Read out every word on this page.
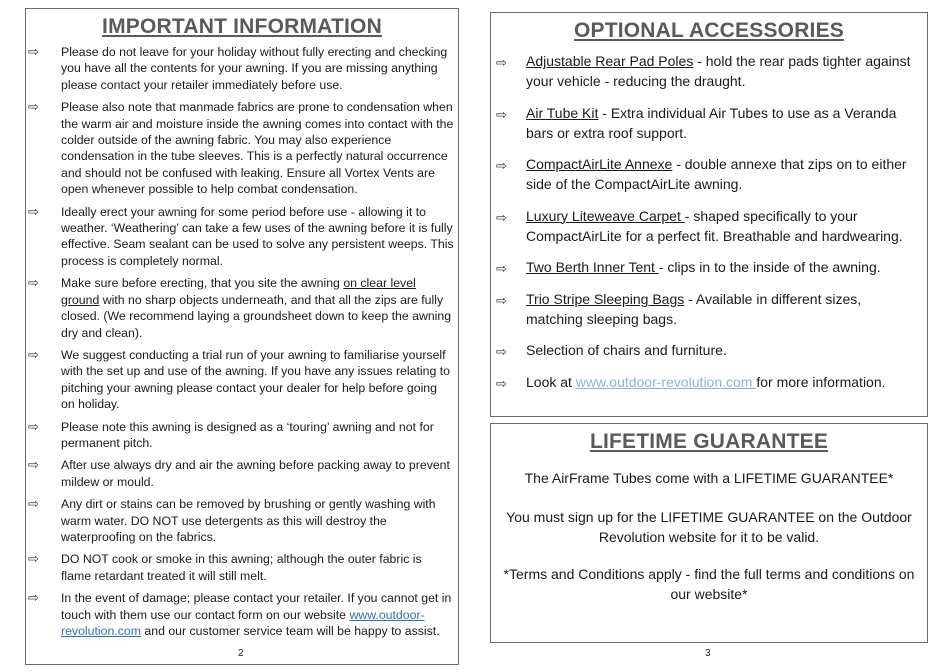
IMPORTANT INFORMATION
⇨ Please do not leave for your holiday without fully erecting and checking you have all the contents for your awning. If you are missing anything please contact your retailer immediately before use.
⇨ Please also note that manmade fabrics are prone to condensation when the warm air and moisture inside the awning comes into contact with the colder outside of the awning fabric. You may also experience condensation in the tube sleeves. This is a perfectly natural occurrence and should not be confused with leaking. Ensure all Vortex Vents are open whenever possible to help combat condensation.
⇨ Ideally erect your awning for some period before use - allowing it to weather. ‘Weathering’ can take a few uses of the awning before it is fully effective. Seam sealant can be used to solve any persistent weeps. This process is completely normal.
⇨ Make sure before erecting, that you site the awning on clear level ground with no sharp objects underneath, and that all the zips are fully closed. (We recommend laying a groundsheet down to keep the awning dry and clean).
⇨ We suggest conducting a trial run of your awning to familiarise yourself with the set up and use of the awning. If you have any issues relating to pitching your awning please contact your dealer for help before going on holiday.
⇨ Please note this awning is designed as a ‘touring’ awning and not for permanent pitch.
⇨ After use always dry and air the awning before packing away to prevent mildew or mould.
⇨ Any dirt or stains can be removed by brushing or gently washing with warm water. DO NOT use detergents as this will destroy the waterproofing on the fabrics.
⇨ DO NOT cook or smoke in this awning; although the outer fabric is flame retardant treated it will still melt.
⇨ In the event of damage; please contact your retailer. If you cannot get in touch with them use our contact form on our website www.outdoor-revolution.com and our customer service team will be happy to assist.
2
OPTIONAL ACCESSORIES
⇨ Adjustable Rear Pad Poles - hold the rear pads tighter against your vehicle - reducing the draught.
⇨ Air Tube Kit - Extra individual Air Tubes to use as a Veranda bars or extra roof support.
⇨ CompactAirLite Annexe - double annexe that zips on to either side of the CompactAirLite awning.
⇨ Luxury Liteweave Carpet - shaped specifically to your CompactAirLite for a perfect fit. Breathable and hardwearing.
⇨ Two Berth Inner Tent - clips in to the inside of the awning.
⇨ Trio Stripe Sleeping Bags - Available in different sizes, matching sleeping bags.
⇨ Selection of chairs and furniture.
⇨ Look at www.outdoor-revolution.com for more information.
LIFETIME GUARANTEE
The AirFrame Tubes come with a LIFETIME GUARANTEE*
You must sign up for the LIFETIME GUARANTEE on the Outdoor Revolution website for it to be valid.
*Terms and Conditions apply - find the full terms and conditions on our website*
3
